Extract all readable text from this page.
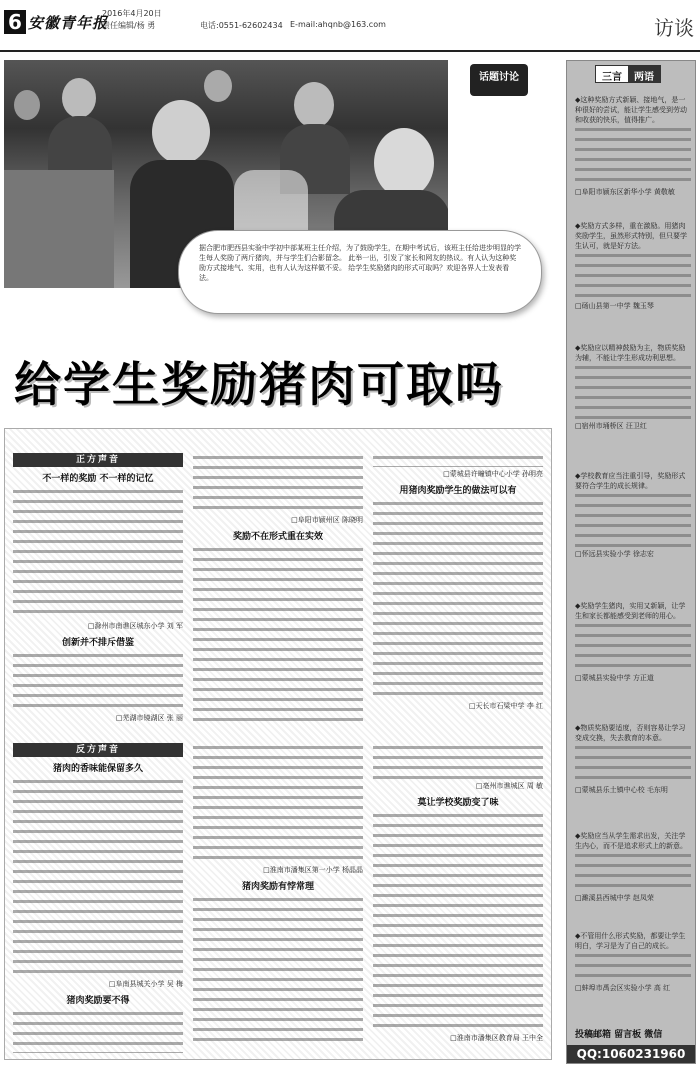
6 安徽青年报
2016年4月20日
责任编辑/杨 勇	电话:0551-62602434 E-mail:ahqnb@163.com	访谈
话题讨论
据合肥市肥西县实验中学初中部某班主任介绍，为了鼓励学生，在期中考试后，该班主任给进步明显的学生每人奖励了两斤猪肉，并与学生们合影留念。 此举一出，引发了家长和网友的热议。有人认为这种奖励方式接地气、实用，也有人认为这样做不妥。 给学生奖励猪肉的形式可取吗？欢迎各界人士发表看法。
给学生奖励猪肉可取吗
正方声音
不一样的奖励 不一样的记忆
□滁州市南谯区城东小学 刘 军
创新并不排斥借鉴
□芜湖市镜湖区 张 丽
□阜阳市颍州区 陈晓明
奖励不在形式重在实效
□蒙城县许疃镇中心小学 孙明亮
用猪肉奖励学生的做法可以有
□天长市石梁中学 李 红
反方声音
猪肉的香味能保留多久
□阜南县城关小学 吴 梅
猪肉奖励要不得
□淮南市潘集区第一小学 杨晶晶
猪肉奖励有悖常理
□亳州市谯城区 周 敏
莫让学校奖励变了味
□淮南市潘集区教育局 王中全
三言	两语
◆这种奖励方式新颖、接地气，是一种很好的尝试，能让学生感受到劳动和收获的快乐，值得推广。
□阜阳市颍东区新华小学 黄敬敏
◆奖励方式多样，重在激励。用猪肉奖励学生，虽然形式特别，但只要学生认可，就是好方法。
□砀山县第一中学 魏玉琴
◆奖励应以精神鼓励为主，物质奖励为辅，不能让学生形成功利思想。
□宿州市埇桥区 汪卫红
◆学校教育应当注重引导，奖励形式要符合学生的成长规律。
□怀远县实验小学 徐志宏
◆奖励学生猪肉，实用又新颖，让学生和家长都能感受到老师的用心。
□蒙城县实验中学 方正道
◆物质奖励要适度，否则容易让学习变成交换，失去教育的本意。
□蒙城县乐土镇中心校 毛东明
◆奖励应当从学生需求出发，关注学生内心，而不是追求形式上的新意。
□濉溪县西城中学 赵凤荣
◆不管用什么形式奖励，都要让学生明白，学习是为了自己的成长。
□蚌埠市禹会区实验小学 高 红
投稿邮箱 留言板 微信
QQ:1060231960
